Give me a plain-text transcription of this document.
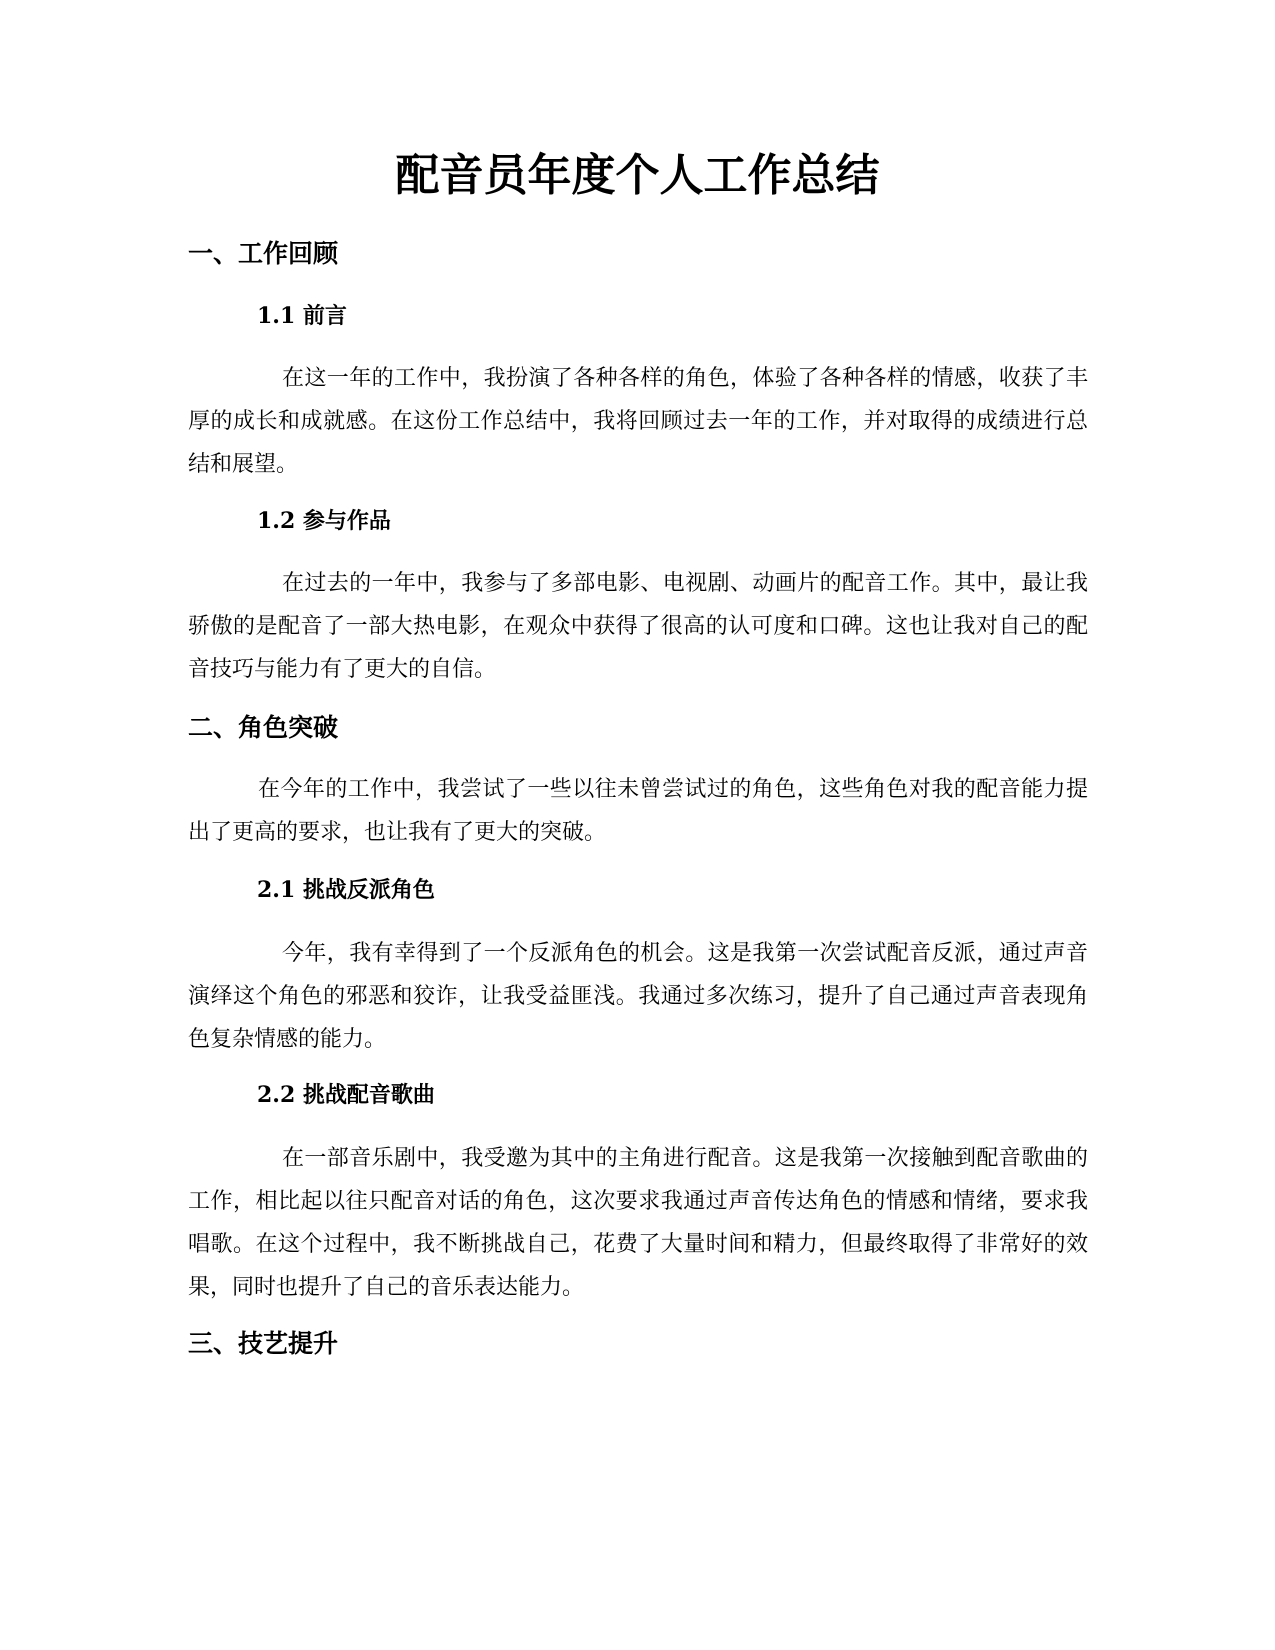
配音员年度个人工作总结
一、工作回顾
1.1 前言

在这一年的工作中，我扮演了各种各样的角色，体验了各种各样的情感，收获了丰厚的成长和成就感。在这份工作总结中，我将回顾过去一年的工作，并对取得的成绩进行总结和展望。

1.2 参与作品

在过去的一年中，我参与了多部电影、电视剧、动画片的配音工作。其中，最让我骄傲的是配音了一部大热电影，在观众中获得了很高的认可度和口碑。这也让我对自己的配音技巧与能力有了更大的自信。

二、角色突破

在今年的工作中，我尝试了一些以往未曾尝试过的角色，这些角色对我的配音能力提出了更高的要求，也让我有了更大的突破。

2.1 挑战反派角色

今年，我有幸得到了一个反派角色的机会。这是我第一次尝试配音反派，通过声音演绎这个角色的邪恶和狡诈，让我受益匪浅。我通过多次练习，提升了自己通过声音表现角色复杂情感的能力。

2.2 挑战配音歌曲

在一部音乐剧中，我受邀为其中的主角进行配音。这是我第一次接触到配音歌曲的工作，相比起以往只配音对话的角色，这次要求我通过声音传达角色的情感和情绪，要求我唱歌。在这个过程中，我不断挑战自己，花费了大量时间和精力，但最终取得了非常好的效果，同时也提升了自己的音乐表达能力。

三、技艺提升
